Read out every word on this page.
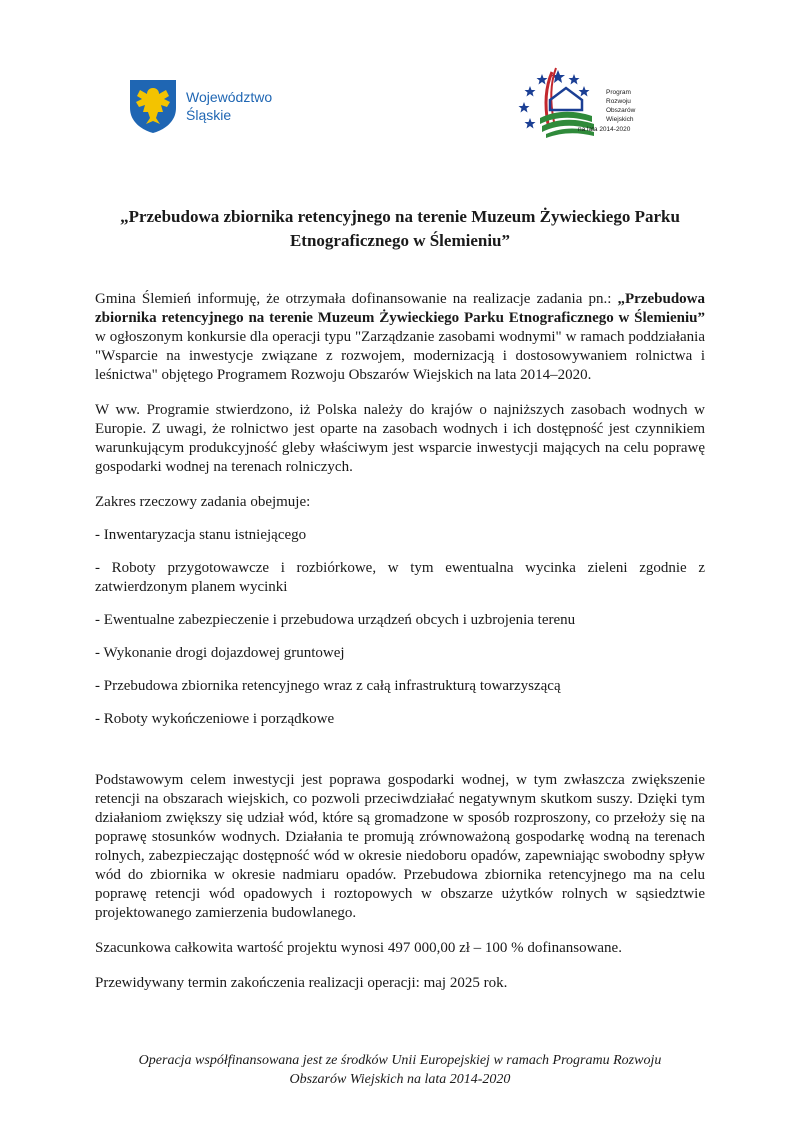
Województwo
Śląskie
Program
Rozwoju
Obszarów
Wiejskich
na lata 2014-2020
„Przebudowa zbiornika retencyjnego na terenie Muzeum Żywieckiego Parku Etnograficznego w Ślemieniu”

Gmina Ślemień informuję, że otrzymała dofinansowanie na realizacje zadania pn.: „Przebudowa zbiornika retencyjnego na terenie Muzeum Żywieckiego Parku Etnograficznego w Ślemieniu” w ogłoszonym konkursie dla operacji typu "Zarządzanie zasobami wodnymi" w ramach poddziałania "Wsparcie na inwestycje związane z rozwojem, modernizacją i dostosowywaniem rolnictwa i leśnictwa" objętego Programem Rozwoju Obszarów Wiejskich na lata 2014–2020.

W ww. Programie stwierdzono, iż Polska należy do krajów o najniższych zasobach wodnych w Europie. Z uwagi, że rolnictwo jest oparte na zasobach wodnych i ich dostępność jest czynnikiem warunkującym produkcyjność gleby właściwym jest wsparcie inwestycji mających na celu poprawę gospodarki wodnej na terenach rolniczych.

Zakres rzeczowy zadania obejmuje:

- Inwentaryzacja stanu istniejącego

- Roboty przygotowawcze i rozbiórkowe, w tym ewentualna wycinka zieleni zgodnie z zatwierdzonym planem wycinki

- Ewentualne zabezpieczenie i przebudowa urządzeń obcych i uzbrojenia terenu

- Wykonanie drogi dojazdowej gruntowej

- Przebudowa zbiornika retencyjnego wraz z całą infrastrukturą towarzyszącą

- Roboty wykończeniowe i porządkowe

Podstawowym celem inwestycji jest poprawa gospodarki wodnej, w tym zwłaszcza zwiększenie retencji na obszarach wiejskich, co pozwoli przeciwdziałać negatywnym skutkom suszy. Dzięki tym działaniom zwiększy się udział wód, które są gromadzone w sposób rozproszony, co przełoży się na poprawę stosunków wodnych. Działania te promują zrównoważoną gospodarkę wodną na terenach rolnych, zabezpieczając dostępność wód w okresie niedoboru opadów, zapewniając swobodny spływ wód do zbiornika w okresie nadmiaru opadów. Przebudowa zbiornika retencyjnego ma na celu poprawę retencji wód opadowych i roztopowych w obszarze użytków rolnych w sąsiedztwie projektowanego zamierzenia budowlanego.

Szacunkowa całkowita wartość projektu wynosi 497 000,00 zł – 100 % dofinansowane.

Przewidywany termin zakończenia realizacji operacji: maj 2025 rok.

Operacja współfinansowana jest ze środków Unii Europejskiej w ramach Programu Rozwoju
Obszarów Wiejskich na lata 2014-2020
